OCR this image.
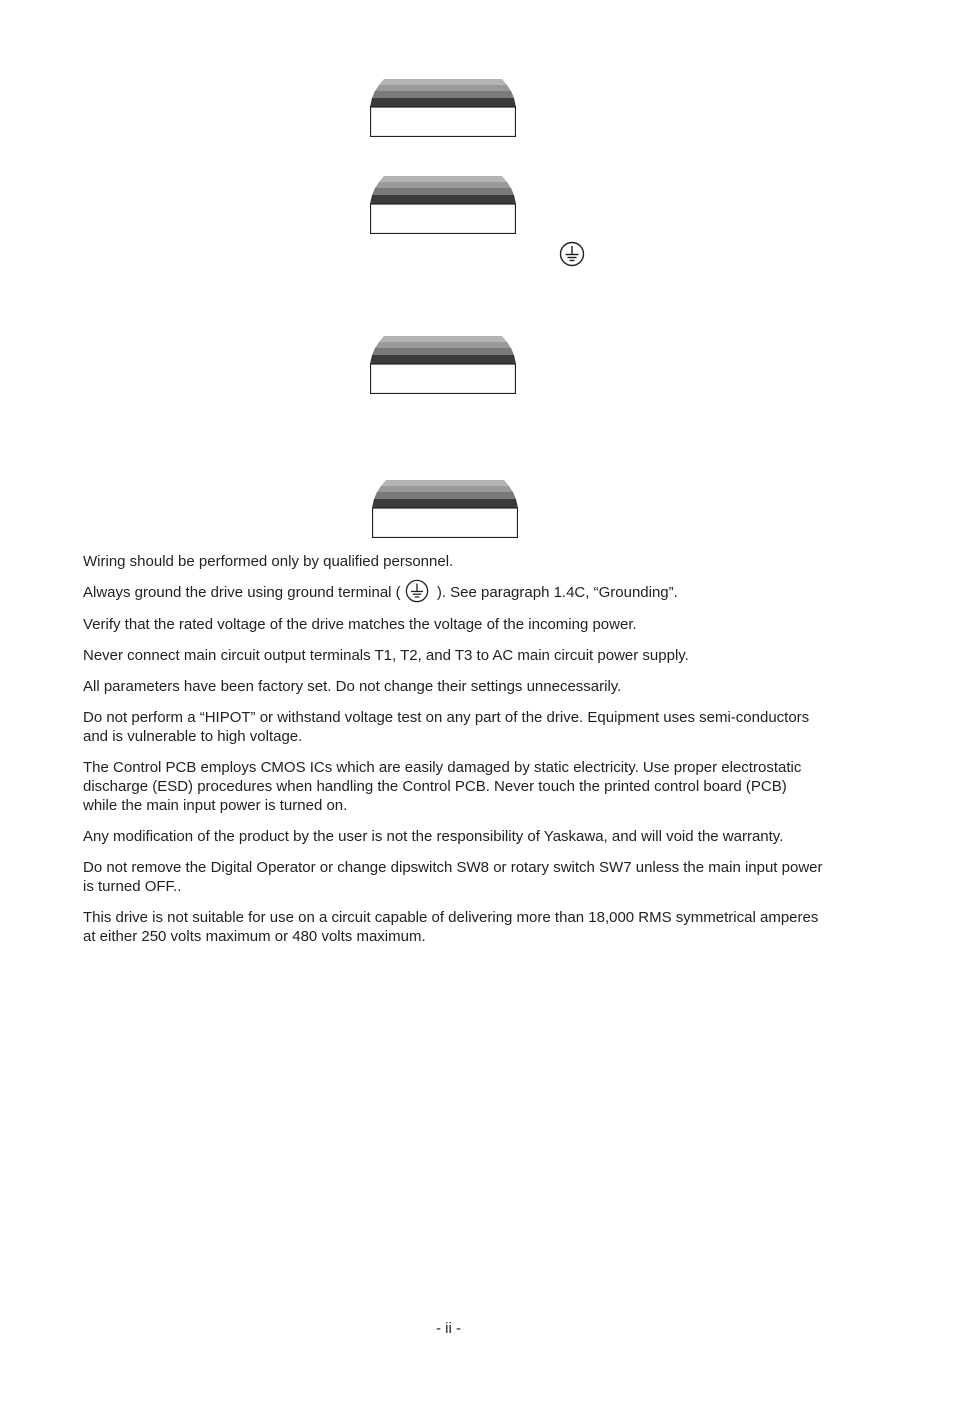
Wiring should be performed only by qualified personnel.

Always ground the drive using ground terminal ( ). See paragraph 1.4C, “Grounding”.

Verify that the rated voltage of the drive matches the voltage of the incoming power.

Never connect main circuit output terminals T1, T2, and T3 to AC main circuit power supply.

All parameters have been factory set. Do not change their settings unnecessarily.

Do not perform a “HIPOT” or withstand voltage test on any part of the drive. Equipment uses semi-conductors and is vulnerable to high voltage.

The Control PCB employs CMOS ICs which are easily damaged by static electricity. Use proper electrostatic discharge (ESD) procedures when handling the Control PCB. Never touch the printed control board (PCB) while the main input power is turned on.

Any modification of the product by the user is not the responsibility of Yaskawa, and will void the warranty.

Do not remove the Digital Operator or change dipswitch SW8 or rotary switch SW7 unless the main input power is turned OFF..

This drive is not suitable for use on a circuit capable of delivering more than 18,000 RMS symmetrical amperes at either 250 volts maximum or 480 volts maximum.

- ii -
